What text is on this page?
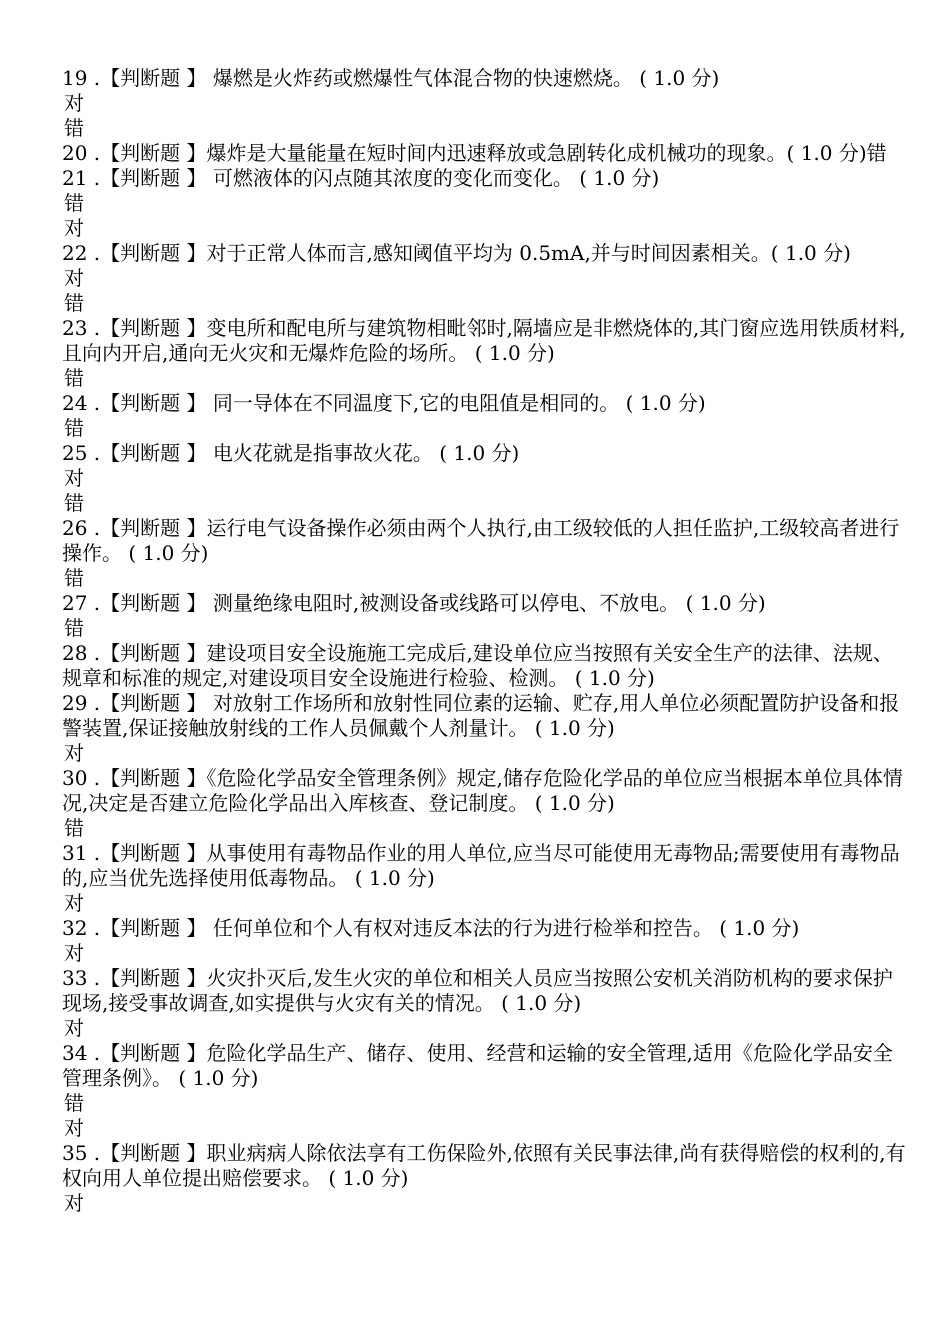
19 .【判断题 】 爆燃是火炸药或燃爆性气体混合物的快速燃烧。 ( 1.0 分)
对
错
20 .【判断题 】爆炸是大量能量在短时间内迅速释放或急剧转化成机械功的现象。( 1.0 分)错
21 .【判断题 】 可燃液体的闪点随其浓度的变化而变化。 ( 1.0 分)
错
对
22 .【判断题 】对于正常人体而言,感知阈值平均为 0.5mA,并与时间因素相关。( 1.0 分)
对
错
23 .【判断题 】变电所和配电所与建筑物相毗邻时,隔墙应是非燃烧体的,其门窗应选用铁质材料,且向内开启,通向无火灾和无爆炸危险的场所。 ( 1.0 分)
错
24 .【判断题 】 同一导体在不同温度下,它的电阻值是相同的。 ( 1.0 分)
错
25 .【判断题 】 电火花就是指事故火花。 ( 1.0 分)
对
错
26 .【判断题 】运行电气设备操作必须由两个人执行,由工级较低的人担任监护,工级较高者进行操作。 ( 1.0 分)
错
27 .【判断题 】 测量绝缘电阻时,被测设备或线路可以停电、不放电。 ( 1.0 分)
错
28 .【判断题 】建设项目安全设施施工完成后,建设单位应当按照有关安全生产的法律、法规、规章和标准的规定,对建设项目安全设施进行检验、检测。 ( 1.0 分)
29 .【判断题 】 对放射工作场所和放射性同位素的运输、贮存,用人单位必须配置防护设备和报警装置,保证接触放射线的工作人员佩戴个人剂量计。 ( 1.0 分)
对
30 .【判断题 】《危险化学品安全管理条例》规定,储存危险化学品的单位应当根据本单位具体情况,决定是否建立危险化学品出入库核查、登记制度。 ( 1.0 分)
错
31 .【判断题 】从事使用有毒物品作业的用人单位,应当尽可能使用无毒物品;需要使用有毒物品的,应当优先选择使用低毒物品。 ( 1.0 分)
对
32 .【判断题 】 任何单位和个人有权对违反本法的行为进行检举和控告。 ( 1.0 分)
对
33 .【判断题 】火灾扑灭后,发生火灾的单位和相关人员应当按照公安机关消防机构的要求保护现场,接受事故调查,如实提供与火灾有关的情况。 ( 1.0 分)
对
34 .【判断题 】危险化学品生产、储存、使用、经营和运输的安全管理,适用《危险化学品安全管理条例》。 ( 1.0 分)
错
对
35 .【判断题 】职业病病人除依法享有工伤保险外,依照有关民事法律,尚有获得赔偿的权利的,有权向用人单位提出赔偿要求。 ( 1.0 分)
对
